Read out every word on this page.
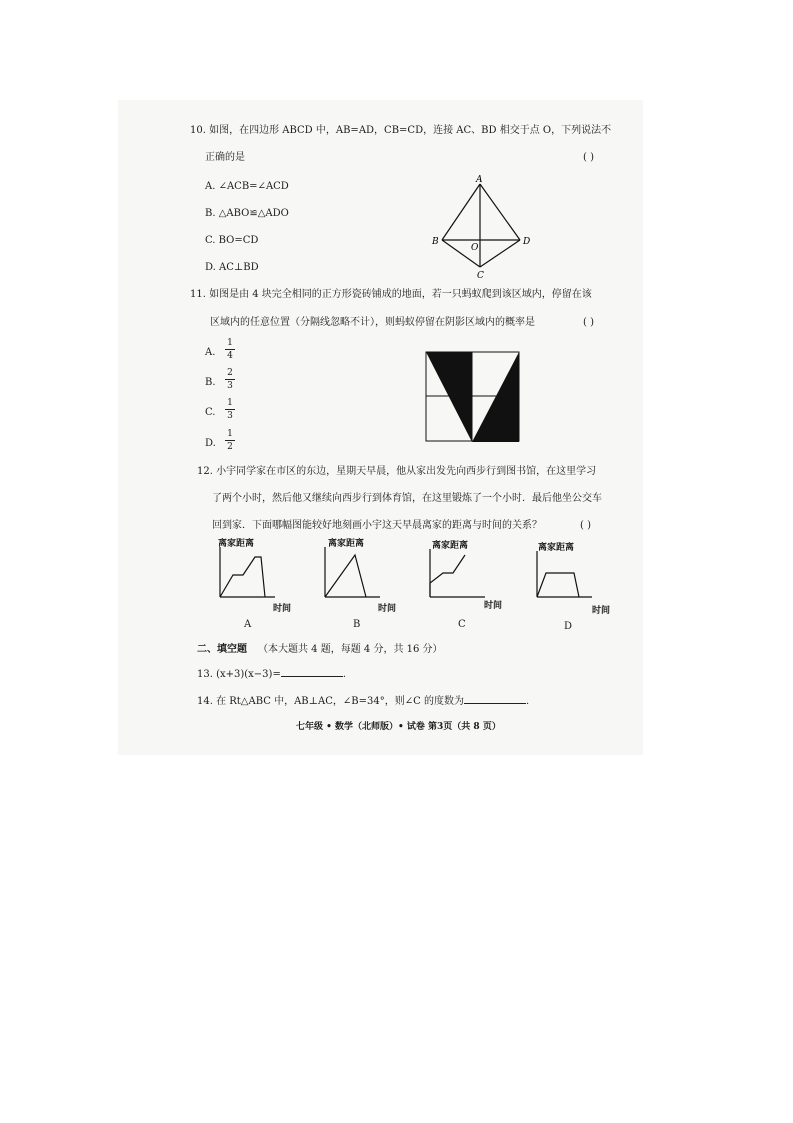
10. 如图，在四边形 ABCD 中，AB=AD，CB=CD，连接 AC、BD 相交于点 O，下列说法不
正确的是	( )
A. ∠ACB=∠ACD
B. △ABO≌△ADO
C. BO=CD
D. AC⊥BD
A
B	D
O
C
11. 如图是由 4 块完全相同的正方形瓷砖铺成的地面，若一只蚂蚁爬到该区域内，停留在该
区域内的任意位置（分隔线忽略不计），则蚂蚁停留在阴影区域内的概率是	( )
A.
1
4
B.
2
3
C.
1
3
D.
1
2
12. 小宇同学家在市区的东边，星期天早晨，他从家出发先向西步行到图书馆，在这里学习
了两个小时，然后他又继续向西步行到体育馆，在这里锻炼了一个小时．最后他坐公交车
回到家．下面哪幅图能较好地刻画小宇这天早晨离家的距离与时间的关系？	( )
离家距离
时间
A
离家距离
时间
B
离家距离
时间
C
离家距离
时间
D
二、填空题 （本大题共 4 题，每题 4 分，共 16 分）
13. (x+3)(x−3)=	.
14. 在 Rt△ABC 中，AB⊥AC，∠B=34°，则∠C 的度数为	.
七年级 • 数学（北师版）• 试卷 第3页（共 8 页）
